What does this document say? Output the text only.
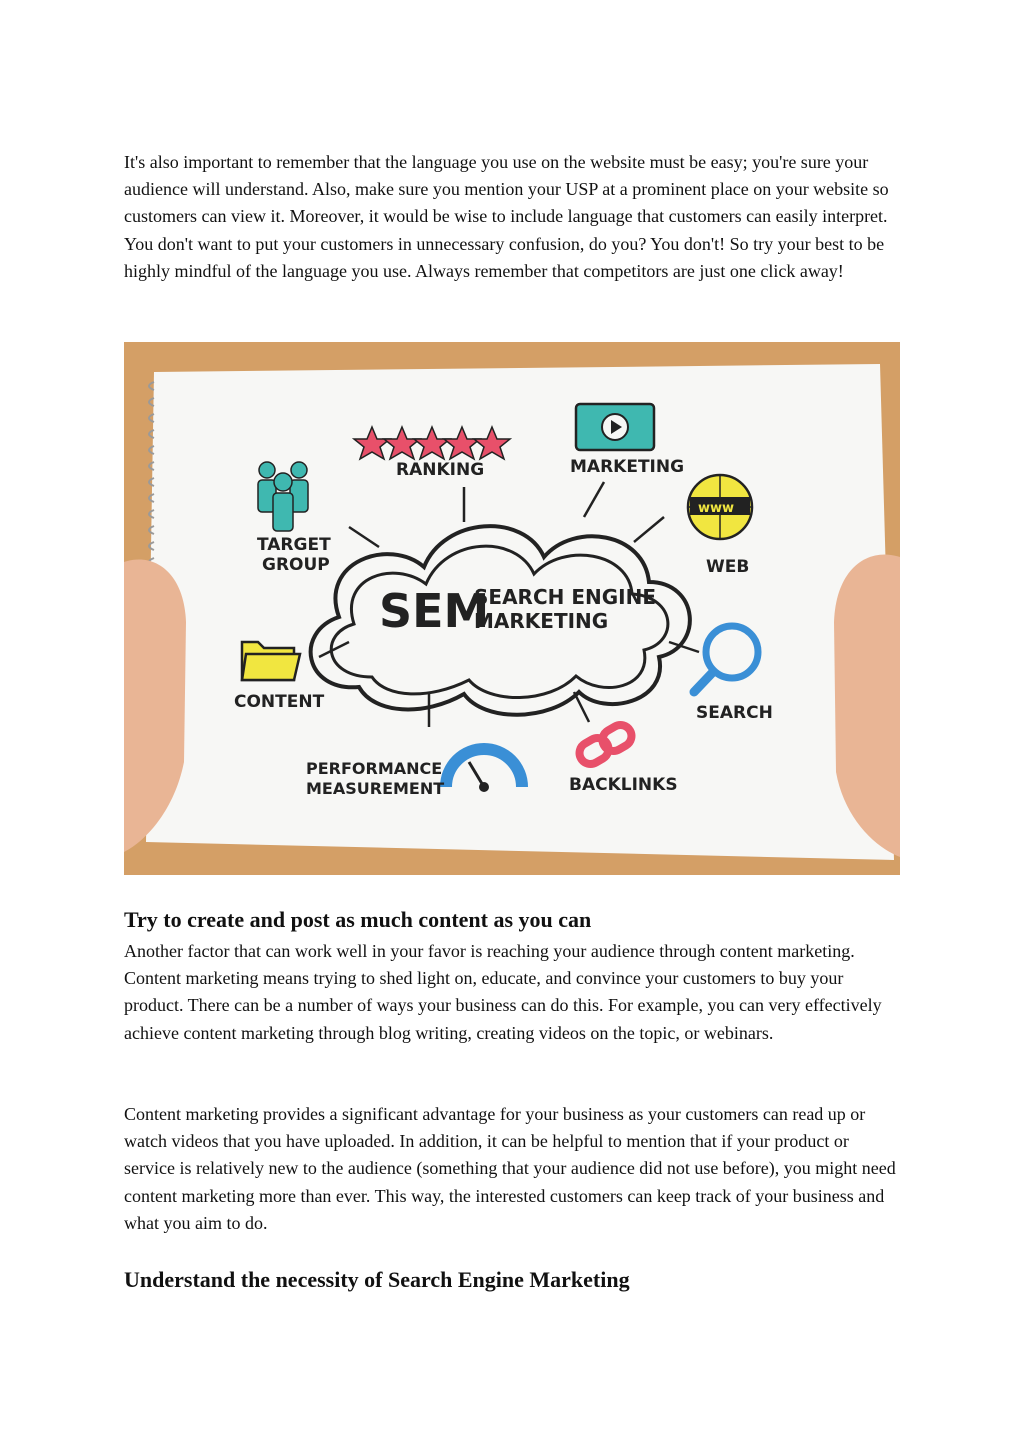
It's also important to remember that the language you use on the website must be easy; you're sure your audience will understand. Also, make sure you mention your USP at a prominent place on your website so customers can view it. Moreover, it would be wise to include language that customers can easily interpret. You don't want to put your customers in unnecessary confusion, do you? You don't! So try your best to be highly mindful of the language you use. Always remember that competitors are just one click away!

SEM
SEARCH ENGINE
MARKETING
RANKING	MARKETING
TARGET
GROUP
www
WEB
CONTENT
SEARCH
PERFORMANCE
MEASUREMENT	BACKLINKS
Try to create and post as much content as you can

Another factor that can work well in your favor is reaching your audience through content marketing. Content marketing means trying to shed light on, educate, and convince your customers to buy your product. There can be a number of ways your business can do this. For example, you can very effectively achieve content marketing through blog writing, creating videos on the topic, or webinars.

Content marketing provides a significant advantage for your business as your customers can read up or watch videos that you have uploaded. In addition, it can be helpful to mention that if your product or service is relatively new to the audience (something that your audience did not use before), you might need content marketing more than ever. This way, the interested customers can keep track of your business and what you aim to do.

Understand the necessity of Search Engine Marketing
